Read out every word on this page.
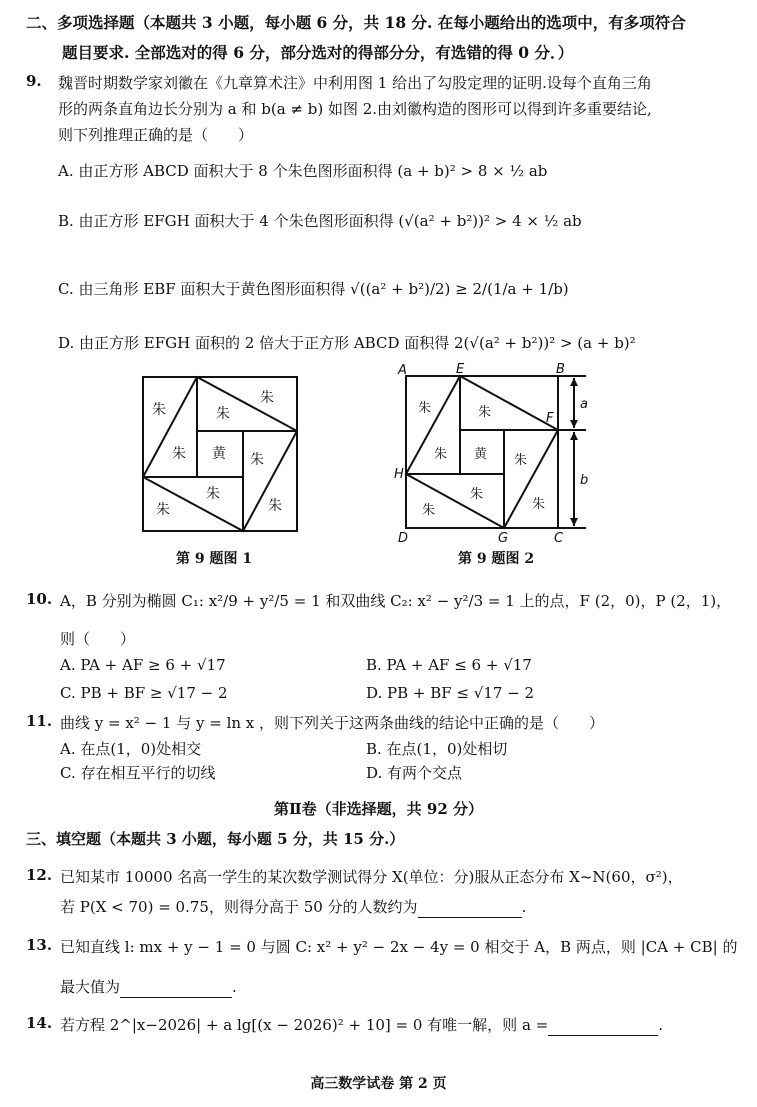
二、多项选择题（本题共 3 小题，每小题 6 分，共 18 分. 在每小题给出的选项中，有多项符合
题目要求. 全部选对的得 6 分，部分选对的得部分分，有选错的得 0 分．）
9. 魏晋时期数学家刘徽在《九章算术注》中利用图 1 给出了勾股定理的证明.设每个直角三角
形的两条直角边长分别为 a 和 b(a ≠ b) 如图 2.由刘徽构造的图形可以得到许多重要结论,
则下列推理正确的是（　　）
A. 由正方形 ABCD 面积大于 8 个朱色图形面积得 (a + b)² > 8 × ½ ab
B. 由正方形 EFGH 面积大于 4 个朱色图形面积得 (√(a² + b²))² > 4 × ½ ab
C. 由三角形 EBF 面积大于黄色图形面积得 √((a² + b²)/2) ≥ 2/(1/a + 1/b)
D. 由正方形 EFGH 面积的 2 倍大于正方形 ABCD 面积得 2(√(a² + b²))² > (a + b)²
朱	朱
朱
朱 黄 朱
朱
朱	朱
第 9 题图 1
A	E	B
F
H
D	G	C
a
b
朱	朱
朱 黄 朱
朱
朱	朱
第 9 题图 2
10. A，B 分别为椭圆 C₁: x²/9 + y²/5 = 1 和双曲线 C₂: x² − y²/3 = 1 上的点，F (2，0)，P (2，1)，
则（　　）
A. PA + AF ≥ 6 + √17	B. PA + AF ≤ 6 + √17
C. PB + BF ≥ √17 − 2	D. PB + BF ≤ √17 − 2
11. 曲线 y = x² − 1 与 y = ln x ，则下列关于这两条曲线的结论中正确的是（　　）
A. 在点(1，0)处相交	B. 在点(1，0)处相切
C. 存在相互平行的切线	D. 有两个交点
第Ⅱ卷（非选择题，共 92 分）
三、填空题（本题共 3 小题，每小题 5 分，共 15 分.）
12. 已知某市 10000 名高一学生的某次数学测试得分 X(单位：分)服从正态分布 X~N(60，σ²)，
若 P(X < 70) = 0.75，则得分高于 50 分的人数约为	.
13. 已知直线 l: mx + y − 1 = 0 与圆 C: x² + y² − 2x − 4y = 0 相交于 A，B 两点，则 |CA + CB| 的
最大值为	.
14. 若方程 2^|x−2026| + a lg[(x − 2026)² + 10] = 0 有唯一解，则 a =	.
高三数学试卷 第 2 页
